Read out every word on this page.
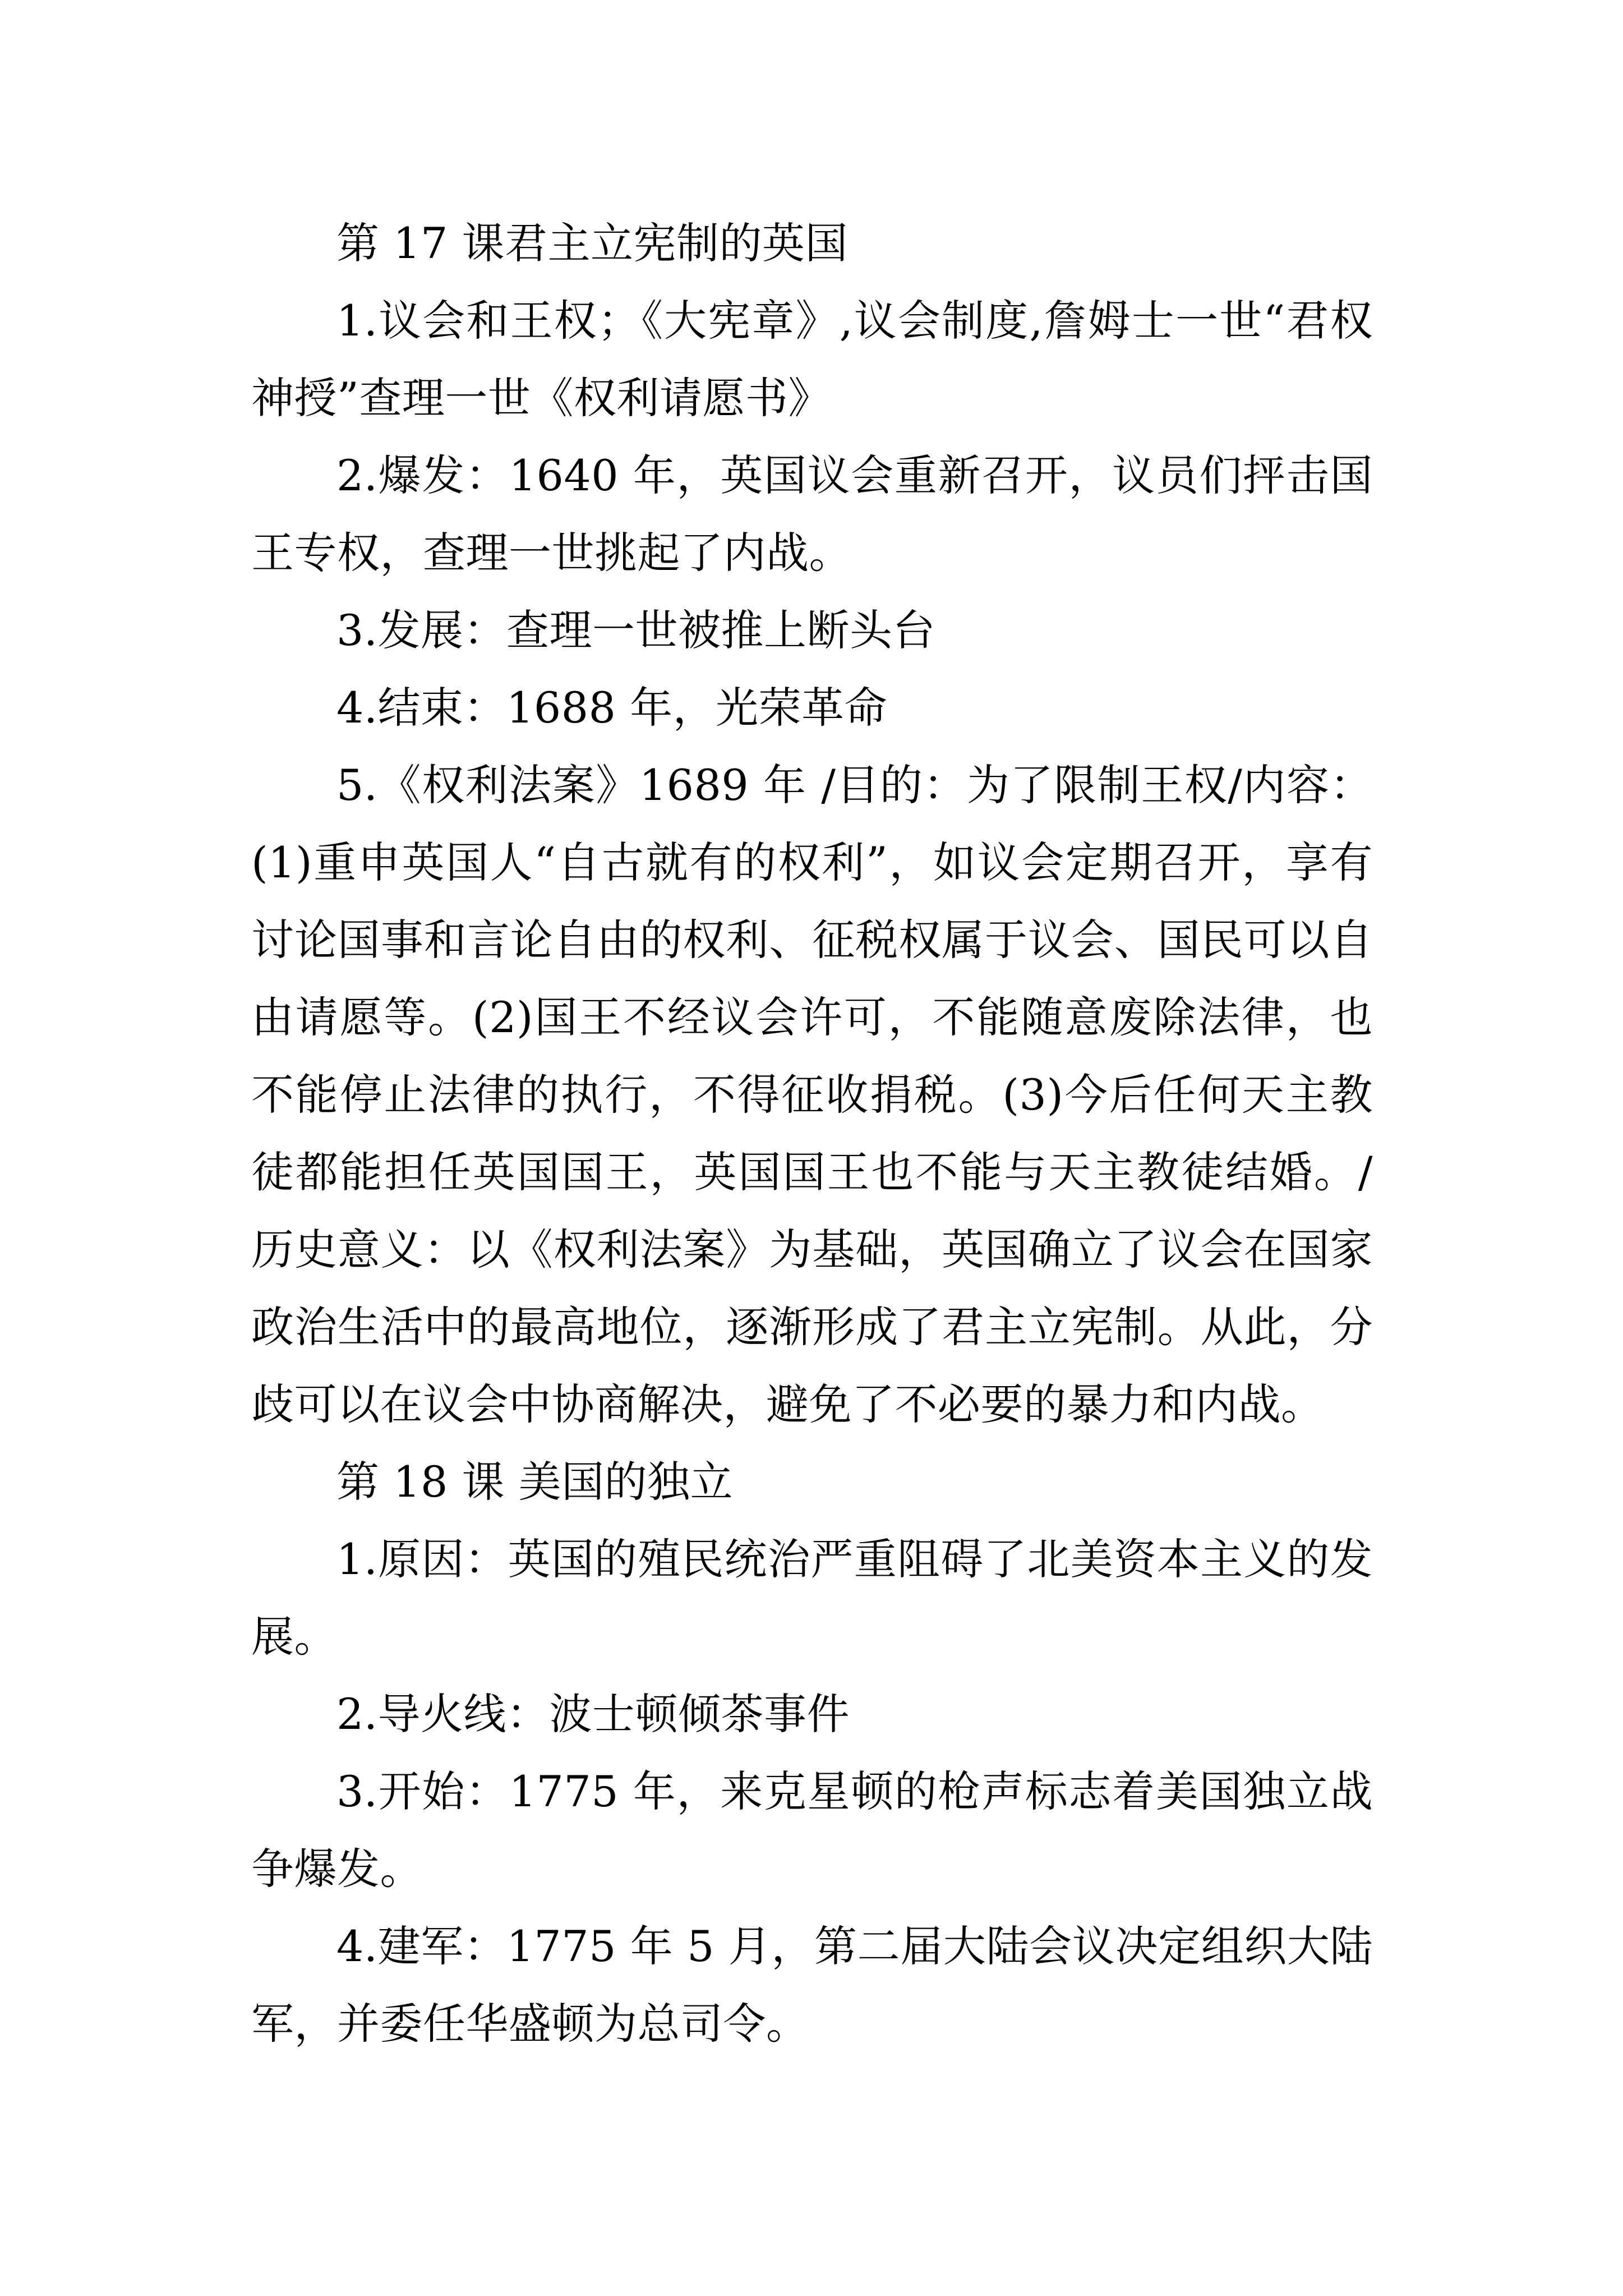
第 17 课君主立宪制的英国

1.议会和王权；《大宪章》,议会制度,詹姆士一世“君权神授”查理一世《权利请愿书》

2.爆发：1640 年，英国议会重新召开，议员们抨击国王专权，查理一世挑起了内战。

3.发展：查理一世被推上断头台

4.结束：1688 年，光荣革命

5.《权利法案》1689 年 /目的：为了限制王权/内容：(1)重申英国人“自古就有的权利”，如议会定期召开，享有讨论国事和言论自由的权利、征税权属于议会、国民可以自由请愿等。(2)国王不经议会许可，不能随意废除法律，也不能停止法律的执行，不得征收捐税。(3)今后任何天主教徒都能担任英国国王，英国国王也不能与天主教徒结婚。/历史意义：以《权利法案》为基础，英国确立了议会在国家政治生活中的最高地位，逐渐形成了君主立宪制。从此，分歧可以在议会中协商解决，避免了不必要的暴力和内战。

第 18 课 美国的独立

1.原因：英国的殖民统治严重阻碍了北美资本主义的发展。

2.导火线：波士顿倾茶事件

3.开始：1775 年，来克星顿的枪声标志着美国独立战争爆发。

4.建军：1775 年 5 月，第二届大陆会议决定组织大陆军，并委任华盛顿为总司令。
